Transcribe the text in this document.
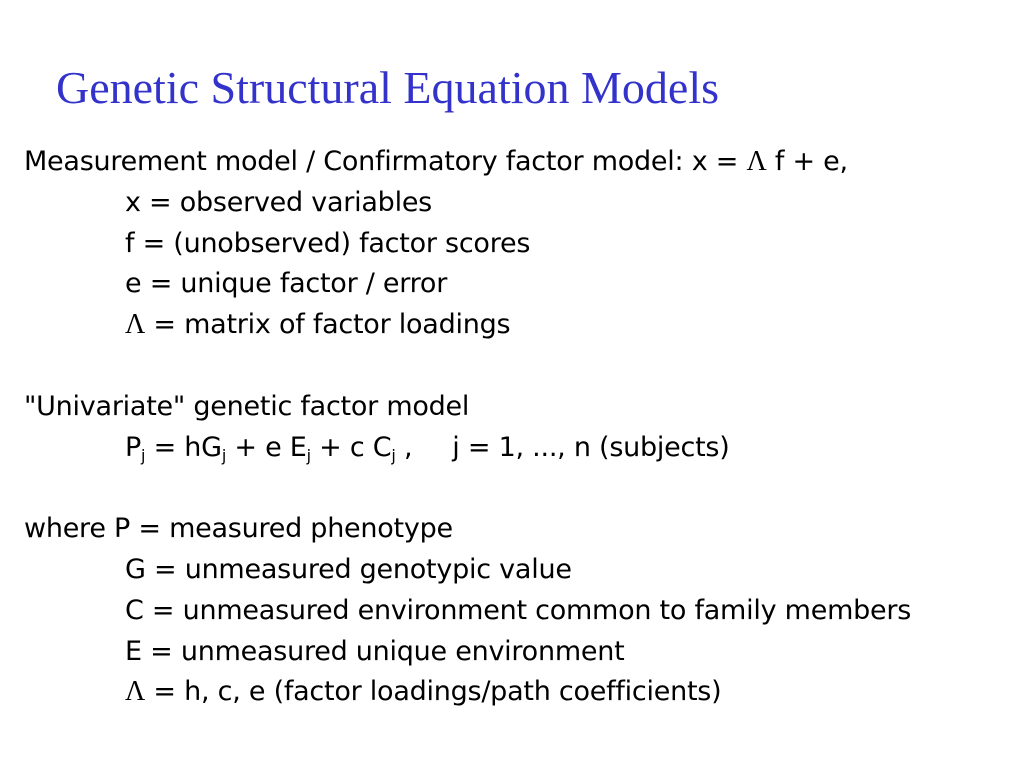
Genetic Structural Equation Models
Measurement model / Confirmatory factor model: x = Λ f + e,
x = observed variables
f = (unobserved) factor scores
e = unique factor / error
Λ = matrix of factor loadings
"Univariate" genetic factor model
$P_j = hG_j + e$ $E_j + c$ $C_j$ , j = 1, ..., n (subjects)
where P = measured phenotype
G = unmeasured genotypic value
C = unmeasured environment common to family members
E = unmeasured unique environment
Λ = h, c, e (factor loadings/path coefficients)
